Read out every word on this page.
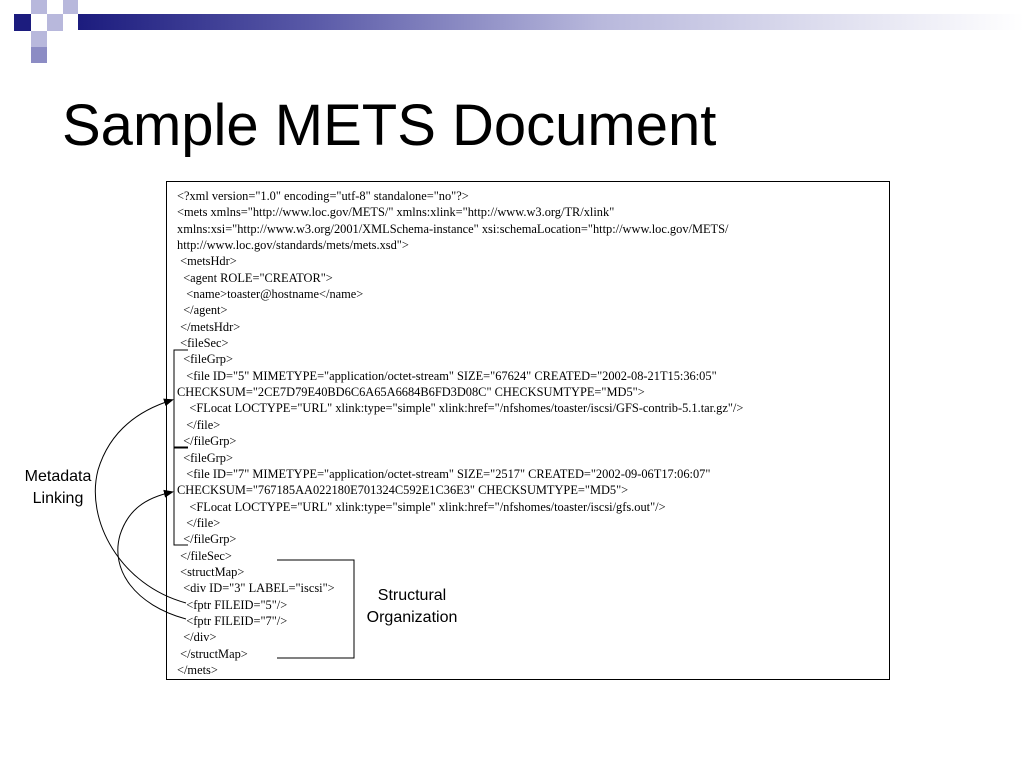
Sample METS Document
<?xml version="1.0" encoding="utf-8" standalone="no"?>
<mets xmlns="http://www.loc.gov/METS/" xmlns:xlink="http://www.w3.org/TR/xlink"
xmlns:xsi="http://www.w3.org/2001/XMLSchema-instance" xsi:schemaLocation="http://www.loc.gov/METS/
http://www.loc.gov/standards/mets/mets.xsd">
<metsHdr>
<agent ROLE="CREATOR">
<name>toaster@hostname</name>
</agent>
</metsHdr>
<fileSec>
<fileGrp>
<file ID="5" MIMETYPE="application/octet-stream" SIZE="67624" CREATED="2002-08-21T15:36:05"
CHECKSUM="2CE7D79E40BD6C6A65A6684B6FD3D08C" CHECKSUMTYPE="MD5">
<FLocat LOCTYPE="URL" xlink:type="simple" xlink:href="/nfshomes/toaster/iscsi/GFS-contrib-5.1.tar.gz"/>
</file>
</fileGrp>
<fileGrp>
<file ID="7" MIMETYPE="application/octet-stream" SIZE="2517" CREATED="2002-09-06T17:06:07"
CHECKSUM="767185AA022180E701324C592E1C36E3" CHECKSUMTYPE="MD5">
<FLocat LOCTYPE="URL" xlink:type="simple" xlink:href="/nfshomes/toaster/iscsi/gfs.out"/>
</file>
</fileGrp>
</fileSec>
<structMap>
<div ID="3" LABEL="iscsi">
<fptr FILEID="5"/>
<fptr FILEID="7"/>
</div>
</structMap>
</mets>
Metadata
Linking
Structural
Organization
